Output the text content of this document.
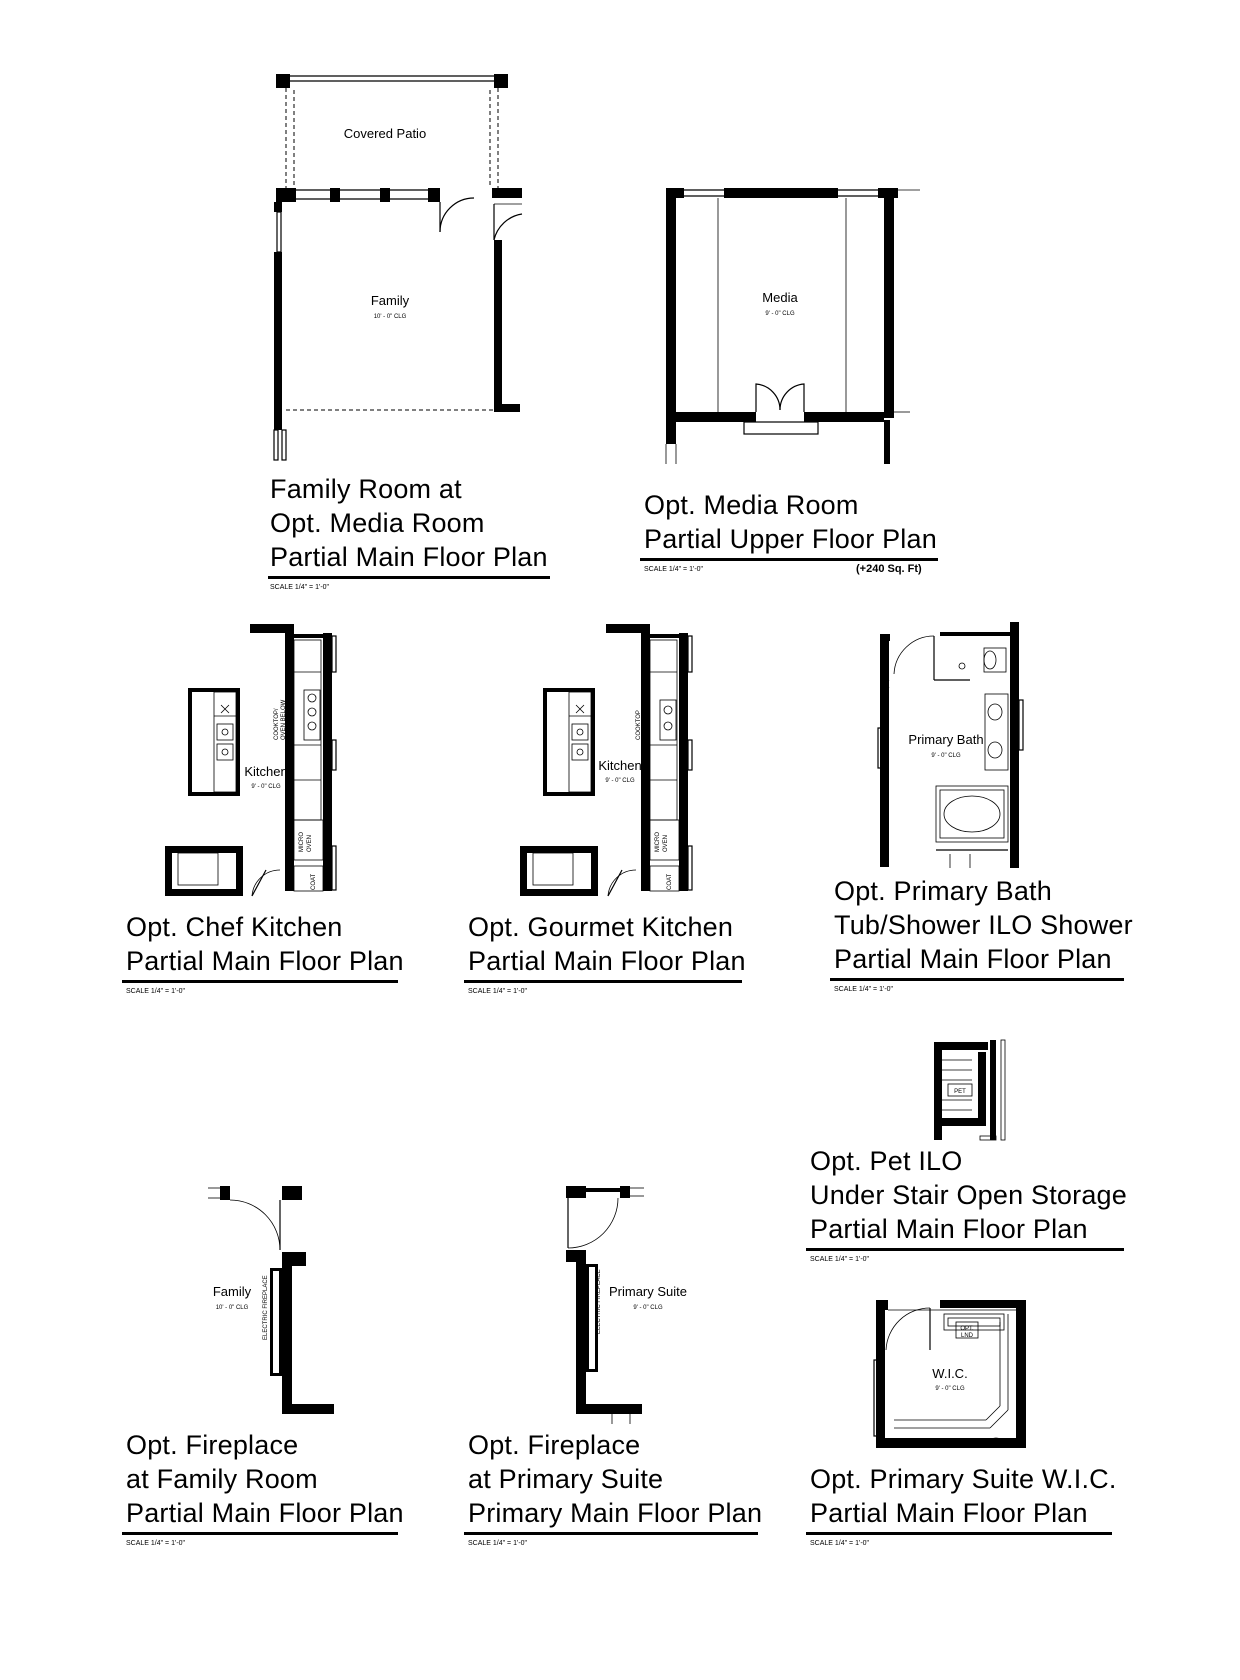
Covered Patio
Family
10' - 0" CLG
Media
9' - 0" CLG
COOKTOP/ OVEN BELOW
MICRO OVEN
COAT
Kitchen
9' - 0" CLG
COOKTOP
MICRO OVEN
COAT
Kitchen
9' - 0" CLG
Primary Bath
9' - 0" CLG
PET
ELECTRIC FIREPLACE
Family
10' - 0" CLG	ELECTRIC FIREPLACE Primary Suite
9' - 0" CLG
OPT.
LND
W.I.C.
9' - 0" CLG
Family Room at
Opt. Media Room
Partial Main Floor Plan
SCALE 1/4" = 1'-0"
Opt. Media Room
Partial Upper Floor Plan
SCALE 1/4" = 1'-0"	(+240 Sq. Ft)
Opt. Chef Kitchen
Partial Main Floor Plan
SCALE 1/4" = 1'-0"
Opt. Gourmet Kitchen
Partial Main Floor Plan
SCALE 1/4" = 1'-0"
Opt. Primary Bath
Tub/Shower ILO Shower
Partial Main Floor Plan
SCALE 1/4" = 1'-0"
Opt. Pet ILO
Under Stair Open Storage
Partial Main Floor Plan
SCALE 1/4" = 1'-0"
Opt. Fireplace
at Family Room
Partial Main Floor Plan
SCALE 1/4" = 1'-0"
Opt. Fireplace
at Primary Suite
Primary Main Floor Plan
SCALE 1/4" = 1'-0"
Opt. Primary Suite W.I.C.
Partial Main Floor Plan
SCALE 1/4" = 1'-0"
